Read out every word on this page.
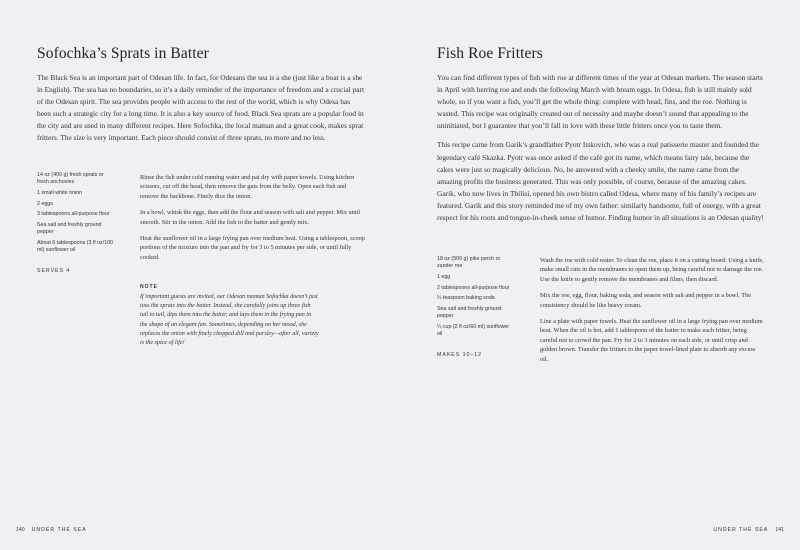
Sofochka’s Sprats in Batter

The Black Sea is an important part of Odesan life. In fact, for Odesans the sea is a she (just like a boat is a she in English). The sea has no boundaries, so it’s a daily reminder of the importance of freedom and a crucial part of the Odesan spirit. The sea provides people with access to the rest of the world, which is why Odesa has been such a strategic city for a long time. It is also a key source of food. Black Sea sprats are a popular food in the city and are used in many different recipes. Here Sofochka, the local maman and a great cook, makes sprat fritters. The size is very important. Each piece should consist of three sprats, no more and no less.

14 oz (400 g) fresh sprats or fresh anchovies
1 small white onion
2 eggs
3 tablespoons all-purpose flour
Sea salt and freshly ground pepper
About 6 tablespoons (3 fl oz/100 ml) sunflower oil
SERVES 4

Rinse the fish under cold running water and pat dry with paper towels. Using kitchen scissors, cut off the head, then remove the guts from the belly. Open each fish and remove the backbone. Finely dice the onion.

In a bowl, whisk the eggs, then add the flour and season with salt and pepper. Mix until smooth. Stir in the onion. Add the fish to the batter and gently mix.

Heat the sunflower oil in a large frying pan over medium heat. Using a tablespoon, scoop portions of the mixture into the pan and fry for 3 to 5 minutes per side, or until fully cooked.

NOTE
If important guests are invited, our Odesan maman Sofochka doesn’t just toss the sprats into the batter. Instead, she carefully joins up three fish tail to tail, dips them into the batter, and lays them in the frying pan in the shape of an elegant fan. Sometimes, depending on her mood, she replaces the onion with finely chopped dill and parsley—after all, variety is the spice of life!
140 UNDER THE SEA
Fish Roe Fritters

You can find different types of fish with roe at different times of the year at Odesan markets. The season starts in April with herring roe and ends the following March with bream eggs. In Odesa, fish is still mainly sold whole, so if you want a fish, you’ll get the whole thing: complete with head, fins, and the roe. Nothing is wasted. This recipe was originally created out of necessity and maybe doesn’t sound that appealing to the uninitiated, but I guarantee that you’ll fall in love with these little fritters once you to taste them.

This recipe came from Garik’s grandfather Pyotr Itskovich, who was a real patisserie master and founded the legendary café Skazka. Pyotr was once asked if the café got its name, which means fairy tale, because the cakes were just so magically delicious. No, he answered with a cheeky smile, the name came from the amazing profits the business generated. This was only possible, of course, because of the amazing cakes. Garik, who now lives in Tbilisi, opened his own bistro called Odesa, where many of his family’s recipes are featured. Garik and this story reminded me of my own father: similarly handsome, full of energy, with a great respect for his roots and tongue-in-cheek sense of humor. Finding humor in all situations is an Odesan quality!

18 oz (500 g) pike perch or zander roe
1 egg
2 tablespoons all-purpose flour
¼ teaspoon baking soda
Sea salt and freshly ground pepper
¼ cup (2 fl oz/60 ml) sunflower oil
MAKES 10–12

Wash the roe with cold water. To clean the roe, place it on a cutting board. Using a knife, make small cuts in the membranes to open them up, being careful not to damage the roe. Use the knife to gently remove the membranes and films, then discard.

Mix the roe, egg, flour, baking soda, and season with salt and pepper in a bowl. The consistency should be like heavy cream.

Line a plate with paper towels. Heat the sunflower oil in a large frying pan over medium heat. When the oil is hot, add 1 tablespoon of the batter to make each fritter, being careful not to crowd the pan. Fry for 2 to 3 minutes on each side, or until crisp and golden brown. Transfer the fritters to the paper towel-lined plate to absorb any excess oil.

UNDER THE SEA 141
